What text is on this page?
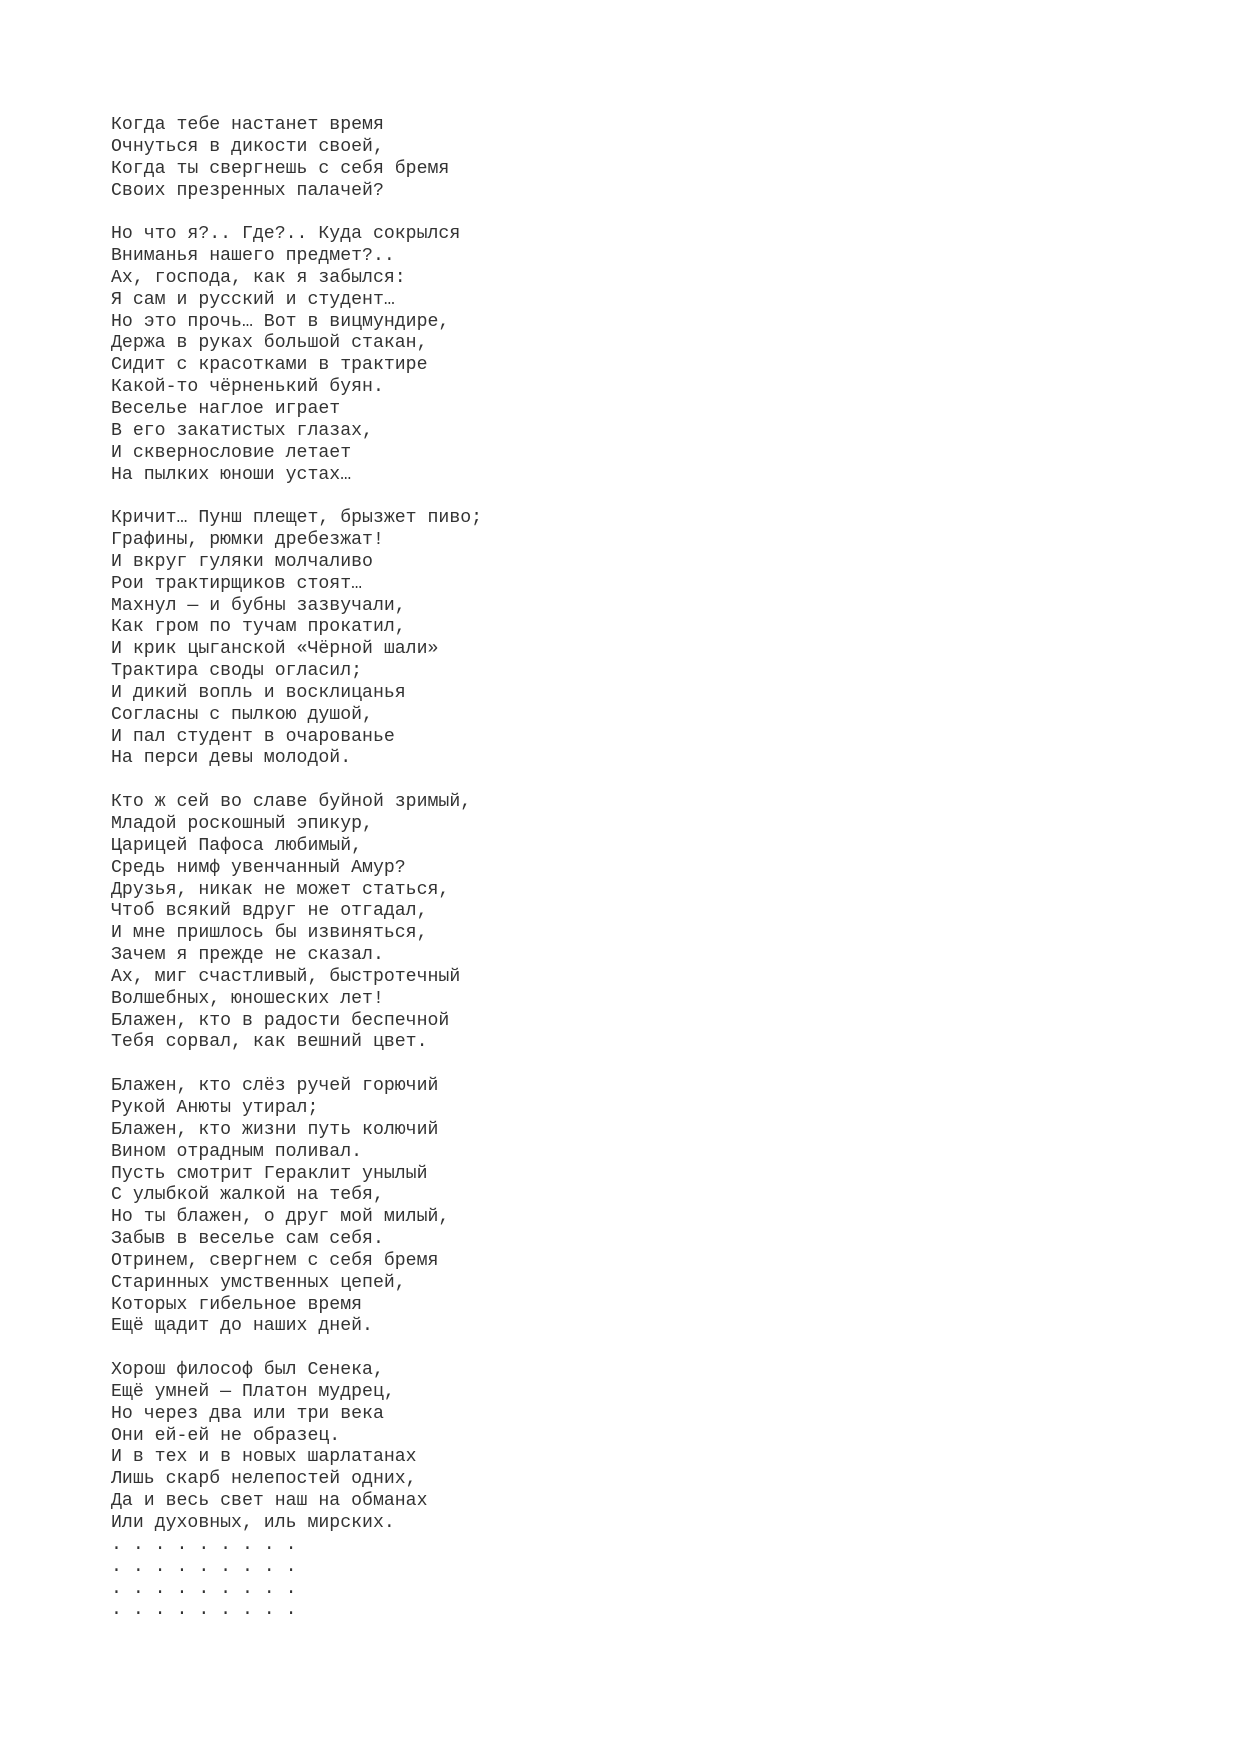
Когда тебе настанет время
Очнуться в дикости своей,
Когда ты свергнешь с себя бремя
Своих презренных палачей?
Но что я?.. Где?.. Куда сокрылся
Вниманья нашего предмет?..
Ах, господа, как я забылся:
Я сам и русский и студент…
Но это прочь… Вот в вицмундире,
Держа в руках большой стакан,
Сидит с красотками в трактире
Какой-то чёрненький буян.
Веселье наглое играет
В его закатистых глазах,
И сквернословие летает
На пылких юноши устах…
Кричит… Пунш плещет, брызжет пиво;
Графины, рюмки дребезжат!
И вкруг гуляки молчаливо
Рои трактирщиков стоят…
Махнул — и бубны зазвучали,
Как гром по тучам прокатил,
И крик цыганской «Чёрной шали»
Трактира своды огласил;
И дикий вопль и восклицанья
Согласны с пылкою душой,
И пал студент в очарованье
На перси девы молодой.
Кто ж сей во славе буйной зримый,
Младой роскошный эпикур,
Царицей Пафоса любимый,
Средь нимф увенчанный Амур?
Друзья, никак не может статься,
Чтоб всякий вдруг не отгадал,
И мне пришлось бы извиняться,
Зачем я прежде не сказал.
Ах, миг счастливый, быстротечный
Волшебных, юношеских лет!
Блажен, кто в радости беспечной
Тебя сорвал, как вешний цвет.
Блажен, кто слёз ручей горючий
Рукой Анюты утирал;
Блажен, кто жизни путь колючий
Вином отрадным поливал.
Пусть смотрит Гераклит унылый
С улыбкой жалкой на тебя,
Но ты блажен, о друг мой милый,
Забыв в веселье сам себя.
Отринем, свергнем с себя бремя
Старинных умственных цепей,
Которых гибельное время
Ещё щадит до наших дней.
Хорош философ был Сенека,
Ещё умней — Платон мудрец,
Но через два или три века
Они ей-ей не образец.
И в тех и в новых шарлатанах
Лишь скарб нелепостей одних,
Да и весь свет наш на обманах
Или духовных, иль мирских.
. . . . . . . . .
. . . . . . . . .
. . . . . . . . .
. . . . . . . . .
